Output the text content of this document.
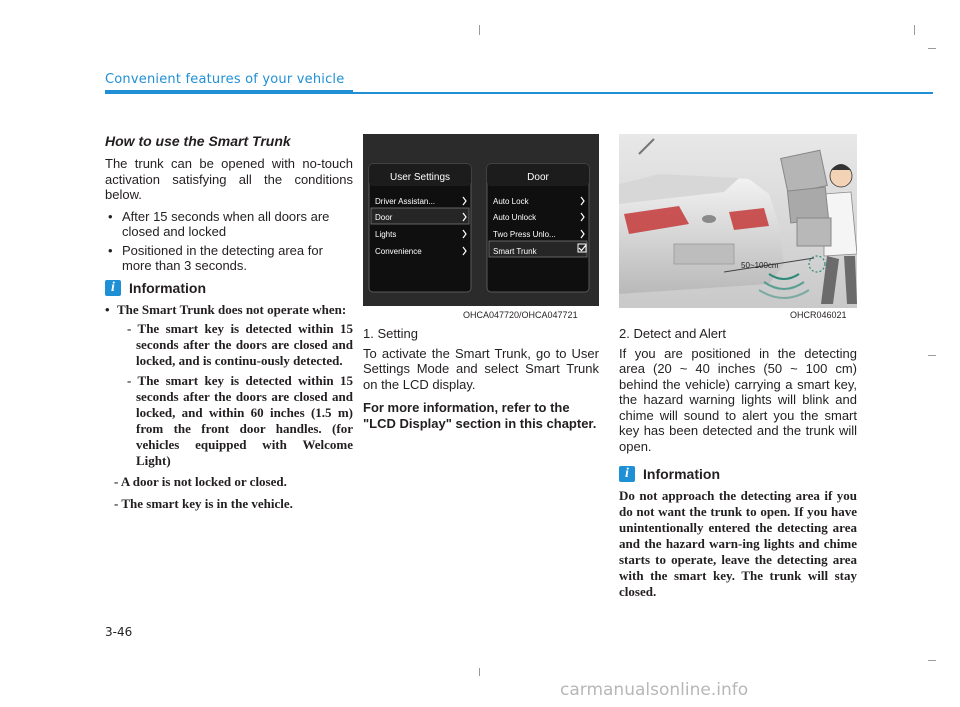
Convenient features of your vehicle
How to use the Smart Trunk

The trunk can be opened with no-touch activation satisfying all the conditions below.

• After 15 seconds when all doors are closed and locked
• Positioned in the detecting area for more than 3 seconds.
i	Information
• The Smart Trunk does not operate when:
- The smart key is detected within 15 seconds after the doors are closed and locked, and is continu-ously detected.
- The smart key is detected within 15 seconds after the doors are closed and locked, and within 60 inches (1.5 m) from the front door handles. (for vehicles equipped with Welcome Light)
- A door is not locked or closed.
- The smart key is in the vehicle.
User Settings
Driver Assistan...
Door
Lights
Convenience
Door
Auto Lock
Auto Unlock
Two Press Unlo...
Smart Trunk
OHCA047720/OHCA047721
50~100cm
OHCR046021

1. Setting

To activate the Smart Trunk, go to User Settings Mode and select Smart Trunk on the LCD display.

For more information, refer to the "LCD Display" section in this chapter.

2. Detect and Alert

If you are positioned in the detecting area (20 ~ 40 inches (50 ~ 100 cm) behind the vehicle) carrying a smart key, the hazard warning lights will blink and chime will sound to alert you the smart key has been detected and the trunk will open.

i	Information

Do not approach the detecting area if you do not want the trunk to open. If you have unintentionally entered the detecting area and the hazard warn-ing lights and chime starts to operate, leave the detecting area with the smart key. The trunk will stay closed.

3-46
carmanualsonline.info
